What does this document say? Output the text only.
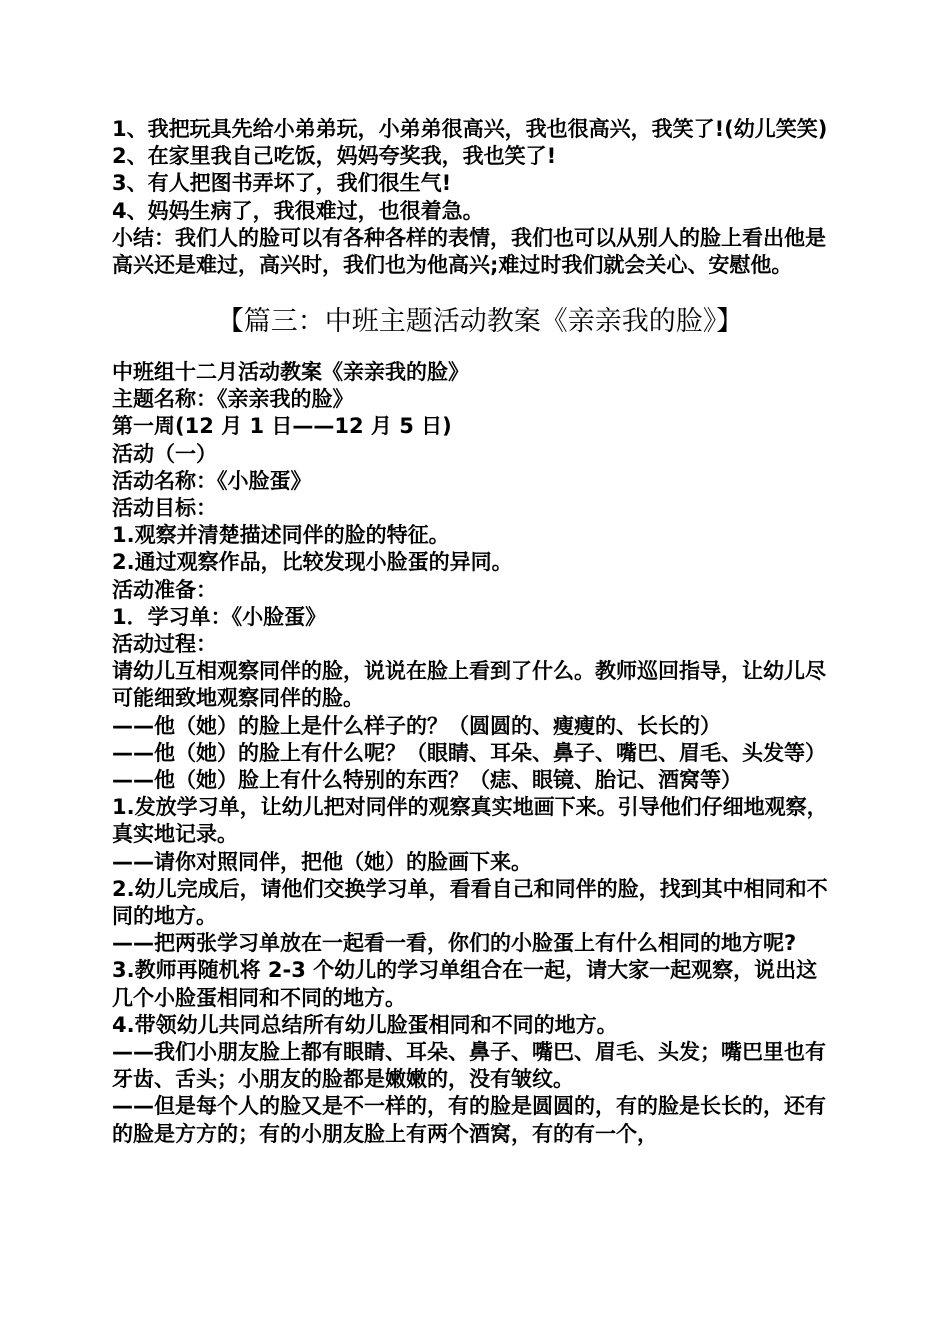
1、我把玩具先给小弟弟玩，小弟弟很高兴，我也很高兴，我笑了!(幼儿笑笑)2、在家里我自己吃饭，妈妈夸奖我，我也笑了!

3、有人把图书弄坏了，我们很生气!

4、妈妈生病了，我很难过，也很着急。

小结：我们人的脸可以有各种各样的表情，我们也可以从别人的脸上看出他是高兴还是难过，高兴时，我们也为他高兴;难过时我们就会关心、安慰他。

【篇三：中班主题活动教案《亲亲我的脸》】

中班组十二月活动教案《亲亲我的脸》

主题名称：《亲亲我的脸》

第一周(12 月 1 日——12 月 5 日)

活动（一）

活动名称：《小脸蛋》

活动目标：

1.观察并清楚描述同伴的脸的特征。

2.通过观察作品，比较发现小脸蛋的异同。

活动准备：

1．学习单：《小脸蛋》

活动过程：

请幼儿互相观察同伴的脸，说说在脸上看到了什么。教师巡回指导，让幼儿尽可能细致地观察同伴的脸。

——他（她）的脸上是什么样子的？（圆圆的、瘦瘦的、长长的）

——他（她）的脸上有什么呢？（眼睛、耳朵、鼻子、嘴巴、眉毛、头发等）——他（她）脸上有什么特别的东西？（痣、眼镜、胎记、酒窝等）

1.发放学习单，让幼儿把对同伴的观察真实地画下来。引导他们仔细地观察，真实地记录。

——请你对照同伴，把他（她）的脸画下来。

2.幼儿完成后，请他们交换学习单，看看自己和同伴的脸，找到其中相同和不同的地方。

——把两张学习单放在一起看一看，你们的小脸蛋上有什么相同的地方呢?

3.教师再随机将 2-3 个幼儿的学习单组合在一起，请大家一起观察，说出这几个小脸蛋相同和不同的地方。

4.带领幼儿共同总结所有幼儿脸蛋相同和不同的地方。

——我们小朋友脸上都有眼睛、耳朵、鼻子、嘴巴、眉毛、头发；嘴巴里也有牙齿、舌头；小朋友的脸都是嫩嫩的，没有皱纹。

——但是每个人的脸又是不一样的，有的脸是圆圆的，有的脸是长长的，还有的脸是方方的；有的小朋友脸上有两个酒窝，有的有一个，
